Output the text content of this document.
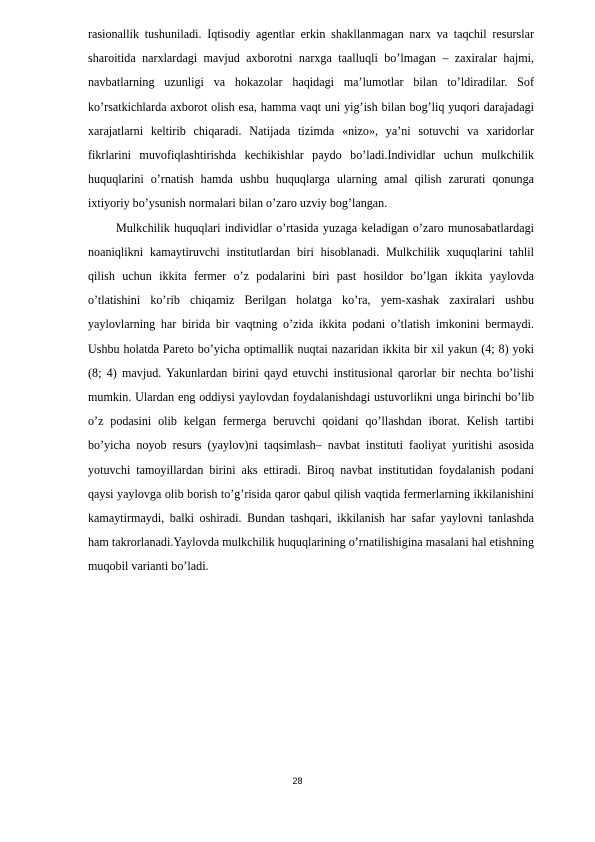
rasionallik tushuniladi. Iqtisodiy agentlar erkin shakllanmagan narx va taqchil resurslar sharoitida narxlardagi mavjud axborotni narxga taalluqli bo’lmagan – zaxiralar hajmi, navbatlarning uzunligi va hokazolar haqidagi ma’lumotlar bilan to’ldiradilar. Sof ko’rsatkichlarda axborot olish esa, hamma vaqt uni yig’ish bilan bog’liq yuqori darajadagi xarajatlarni keltirib chiqaradi. Natijada tizimda «nizo», ya’ni sotuvchi va xaridorlar fikrlarini muvofiqlashtirishda kechikishlar paydo bo’ladi.Individlar uchun mulkchilik huquqlarini o’rnatish hamda ushbu huquqlarga ularning amal qilish zarurati qonunga ixtiyoriy bo’ysunish normalari bilan o’zaro uzviy bog’langan.

Mulkchilik huquqlari individlar o’rtasida yuzaga keladigan o’zaro munosabatlardagi noaniqlikni kamaytiruvchi institutlardan biri hisoblanadi. Mulkchilik xuquqlarini tahlil qilish uchun ikkita fermer o’z podalarini biri past hosildor bo’lgan ikkita yaylovda o’tlatishini ko’rib chiqamiz Berilgan holatga ko’ra, yem-xashak zaxiralari ushbu yaylovlarning har birida bir vaqtning o’zida ikkita podani o’tlatish imkonini bermaydi. Ushbu holatda Pareto bo’yicha optimallik nuqtai nazaridan ikkita bir xil yakun (4; 8) yoki (8; 4) mavjud. Yakunlardan birini qayd etuvchi institusional qarorlar bir nechta bo’lishi mumkin. Ulardan eng oddiysi yaylovdan foydalanishdagi ustuvorlikni unga birinchi bo’lib o’z podasini olib kelgan fermerga beruvchi qoidani qo’llashdan iborat. Kelish tartibi bo’yicha noyob resurs (yaylov)ni taqsimlash– navbat instituti faoliyat yuritishi asosida yotuvchi tamoyillardan birini aks ettiradi. Biroq navbat institutidan foydalanish podani qaysi yaylovga olib borish to’g’risida qaror qabul qilish vaqtida fermerlarning ikkilanishini kamaytirmaydi, balki oshiradi. Bundan tashqari, ikkilanish har safar yaylovni tanlashda ham takrorlanadi.Yaylovda mulkchilik huquqlarining o’rnatilishigina masalani hal etishning muqobil varianti bo’ladi.

28
